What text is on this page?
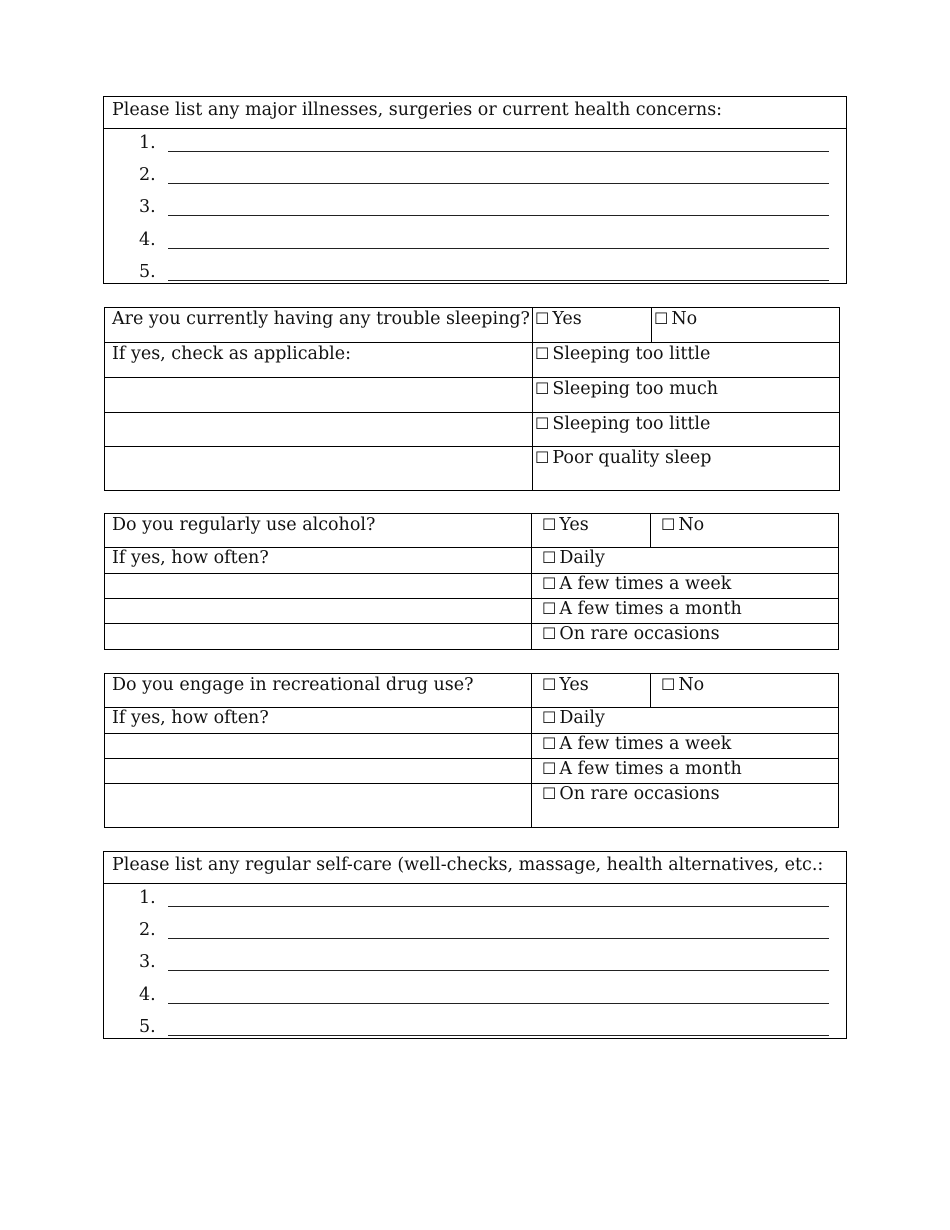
Please list any major illnesses, surgeries or current health concerns:
1.
2.
3.
4.
5.
Are you currently having any trouble sleeping?	☐ Yes	☐ No
If yes, check as applicable:	☐ Sleeping too little
	☐ Sleeping too much
	☐ Sleeping too little
	☐ Poor quality sleep
Do you regularly use alcohol?	☐ Yes	☐ No
If yes, how often?	☐ Daily
	☐ A few times a week
	☐ A few times a month
	☐ On rare occasions
Do you engage in recreational drug use?	☐ Yes	☐ No
If yes, how often?	☐ Daily
	☐ A few times a week
	☐ A few times a month
	☐ On rare occasions
Please list any regular self-care (well-checks, massage, health alternatives, etc.:
1.
2.
3.
4.
5.
